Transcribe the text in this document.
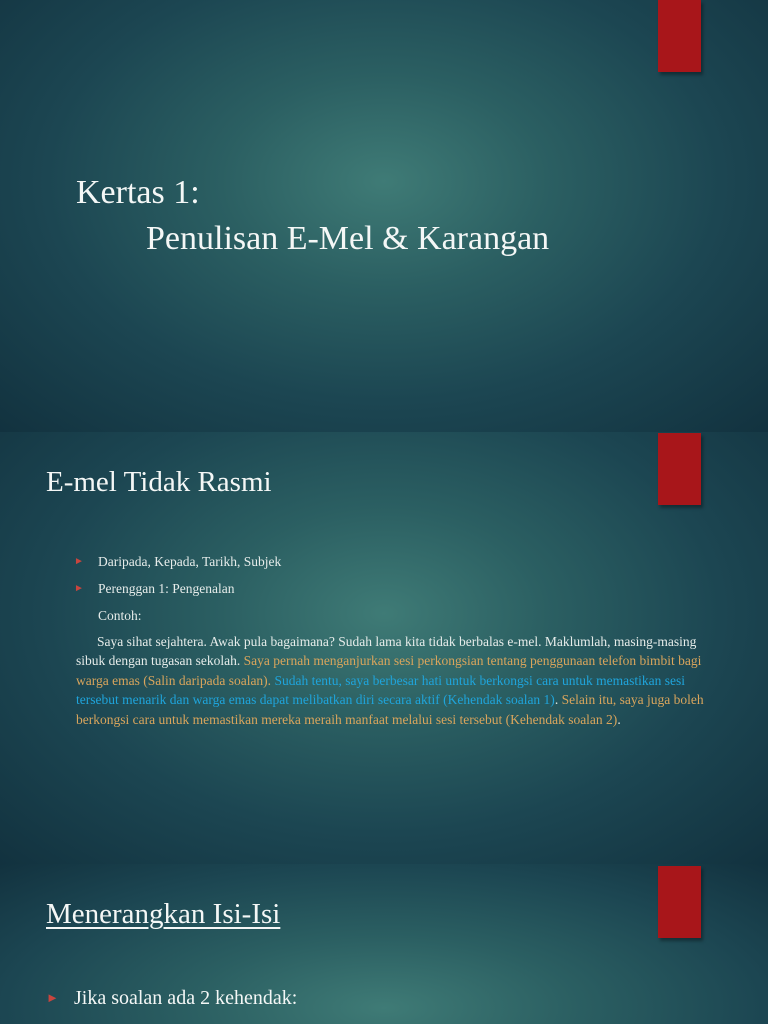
Kertas 1:
Penulisan E-Mel & Karangan
E-mel Tidak Rasmi
► Daripada, Kepada, Tarikh, Subjek
► Perenggan 1: Pengenalan
Contoh:
Saya sihat sejahtera. Awak pula bagaimana? Sudah lama kita tidak berbalas e-mel. Maklumlah, masing-masing sibuk dengan tugasan sekolah. Saya pernah menganjurkan sesi perkongsian tentang penggunaan telefon bimbit bagi warga emas (Salin daripada soalan). Sudah tentu, saya berbesar hati untuk berkongsi cara untuk memastikan sesi tersebut menarik dan warga emas dapat melibatkan diri secara aktif (Kehendak soalan 1). Selain itu, saya juga boleh berkongsi cara untuk memastikan mereka meraih manfaat melalui sesi tersebut (Kehendak soalan 2).
Menerangkan Isi-Isi
► Jika soalan ada 2 kehendak:
